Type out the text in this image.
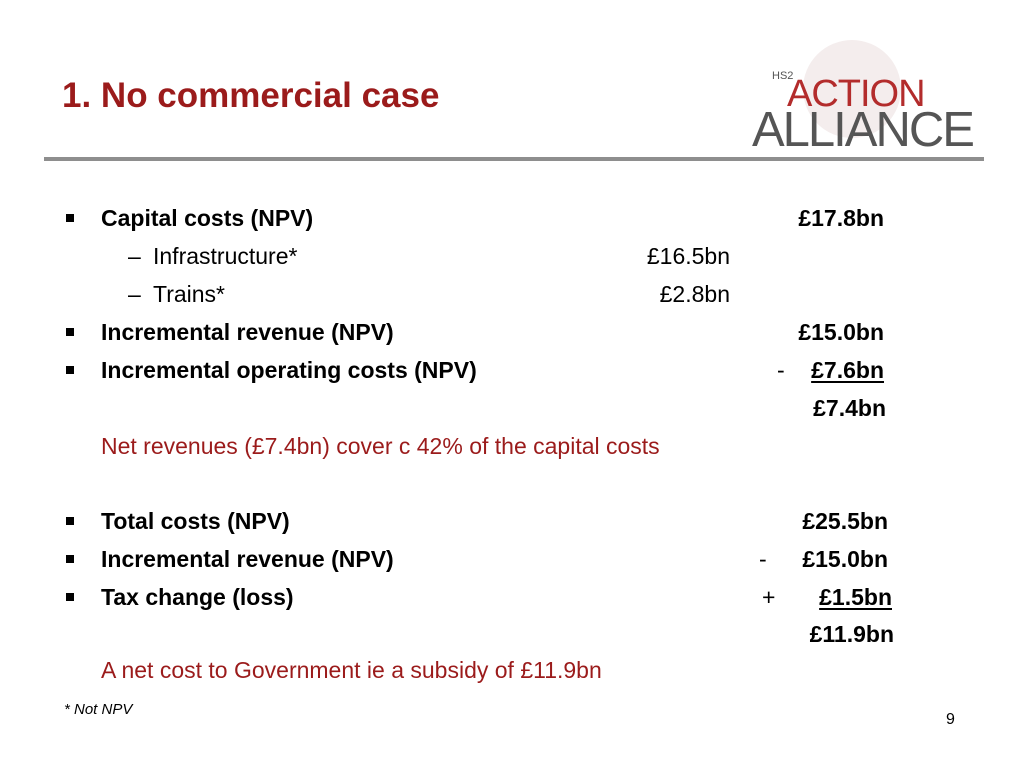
1. No commercial case	HS2
ACTION
ALLIANCE
Capital costs (NPV)	£17.8bn
– Infrastructure*	£16.5bn
– Trains*	£2.8bn
Incremental revenue (NPV)	£15.0bn
Incremental operating costs (NPV)	-	£7.6bn
£7.4bn
Net revenues (£7.4bn) cover c 42% of the capital costs
Total costs (NPV)	£25.5bn
Incremental revenue (NPV)	-	£15.0bn
Tax change (loss)	+	£1.5bn
£11.9bn
A net cost to Government ie a subsidy of £11.9bn
* Not NPV
9
